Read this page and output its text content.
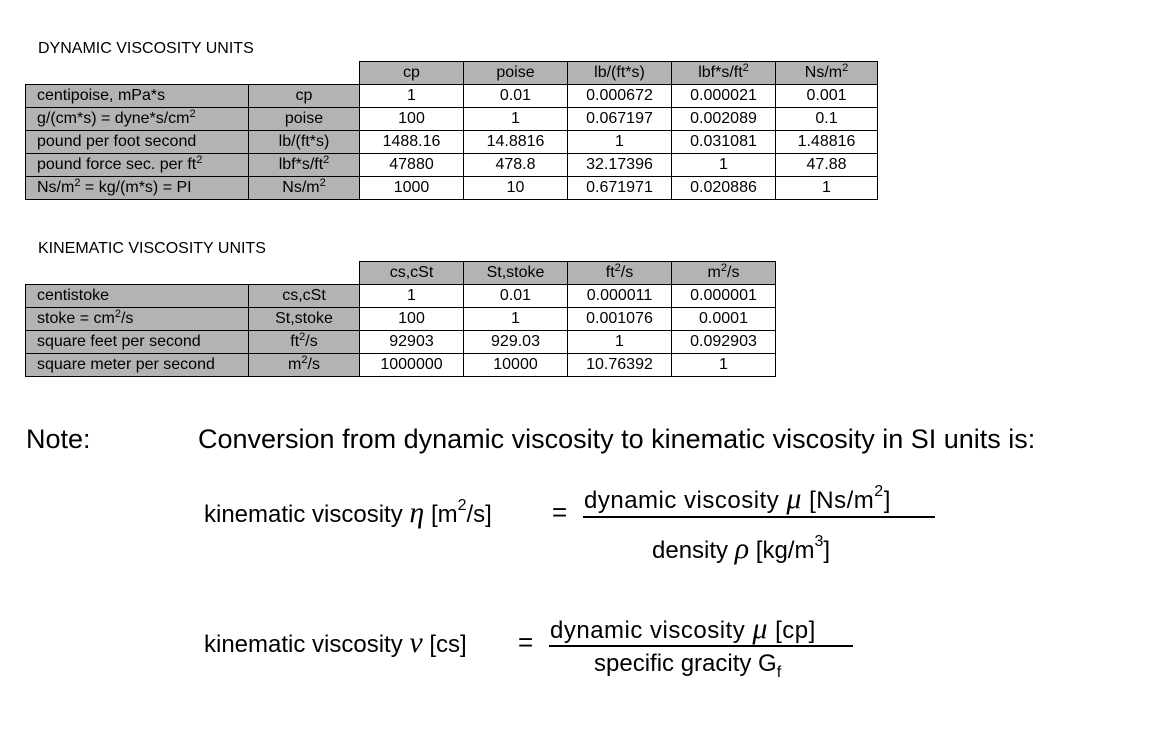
DYNAMIC VISCOSITY UNITS
		cp	poise	lb/(ft*s)	$lbf*s/ft^2$	$Ns/m^2$
centipoise, mPa*s	cp	1	0.01	0.000672	0.000021	0.001
$g/(cm*s) = dyne*s/cm^2$	poise	100	1	0.067197	0.002089	0.1
pound per foot second	lb/(ft*s)	1488.16	14.8816	1	0.031081	1.48816
pound force sec. per $ft^2$	$lbf*s/ft^2$	47880	478.8	32.17396	1	47.88
$Ns/m^2 = kg/(m*s)$ = PI	$Ns/m^2$	1000	10	0.671971	0.020886	1
KINEMATIC VISCOSITY UNITS
		cs,cSt	St,stoke	$ft^2/s$	$m^2/s$
centistoke	cs,cSt	1	0.01	0.000011	0.000001
stoke = $cm^2/s$	St,stoke	100	1	0.001076	0.0001
square feet per second	$ft^2/s$	92903	929.03	1	0.092903
square meter per second	$m^2/s$	1000000	10000	10.76392	1
Note:	Conversion from dynamic viscosity to kinematic viscosity in SI units is:
kinematic viscosity η $[m^2/s]$ = dynamic viscosity μ $[Ns/m^2]$
density ρ $[kg/m^3]$
kinematic viscosity ν [cs] = dynamic viscosity μ [cp]
specific gracity $G_f$
